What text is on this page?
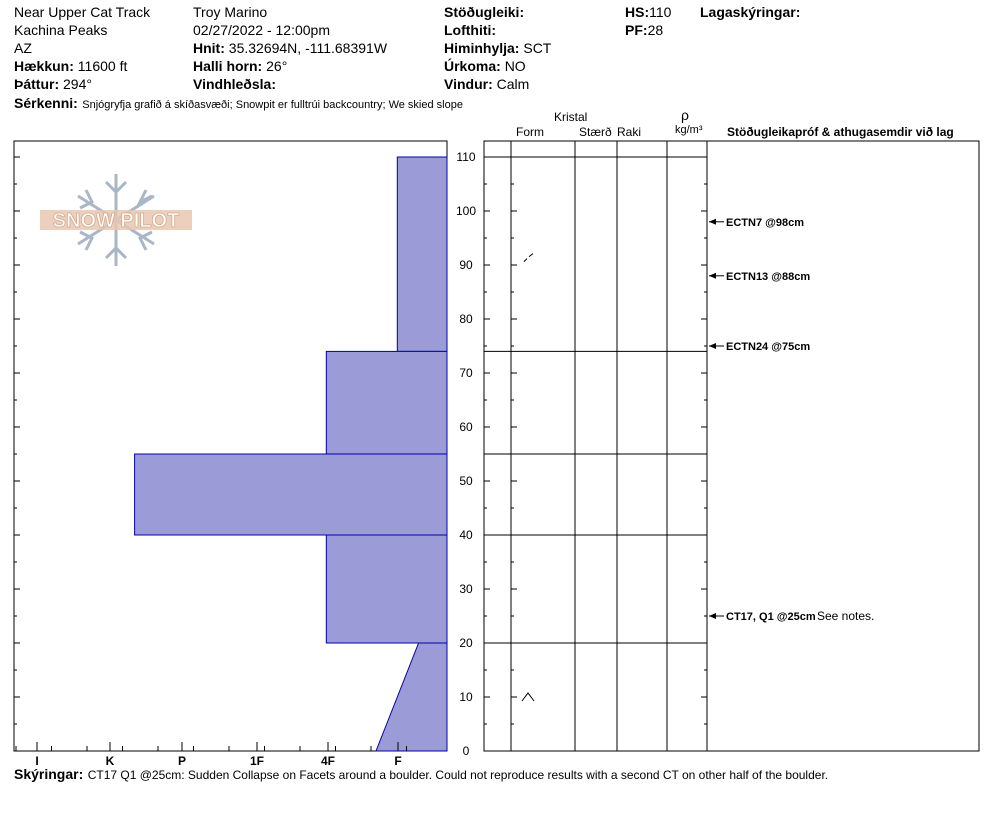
Near Upper Cat Track
Kachina Peaks
AZ
Hækkun: 11600 ft
Þáttur: 294°
Troy Marino
02/27/2022 - 12:00pm
Hnit: 35.32694N, -111.68391W
Halli horn: 26°
Vindhleðsla:
Stöðugleiki:
Lofthiti:
Himinhylja: SCT
Úrkoma: NO
Vindur: Calm
HS:110
PF:28
Lagaskýringar:
Sérkenni: Snjógryfja grafið á skíðasvæði; Snowpit er fulltrúi backcountry; We skied slope
Kristal
Form	Stærð Raki
ρ
kg/m³ Stöðugleikapróf & athugasemdir við lag
SNOW PILOT
I	K	P	1F	4F	F
0
10
20
30
40
50
60
70
80
90
100
110
ECTN7 @98cm
ECTN13 @88cm
ECTN24 @75cm
CT17, Q1 @25cm See notes.
Skýringar: CT17 Q1 @25cm: Sudden Collapse on Facets around a boulder. Could not reproduce results with a second CT on other half of the boulder.
